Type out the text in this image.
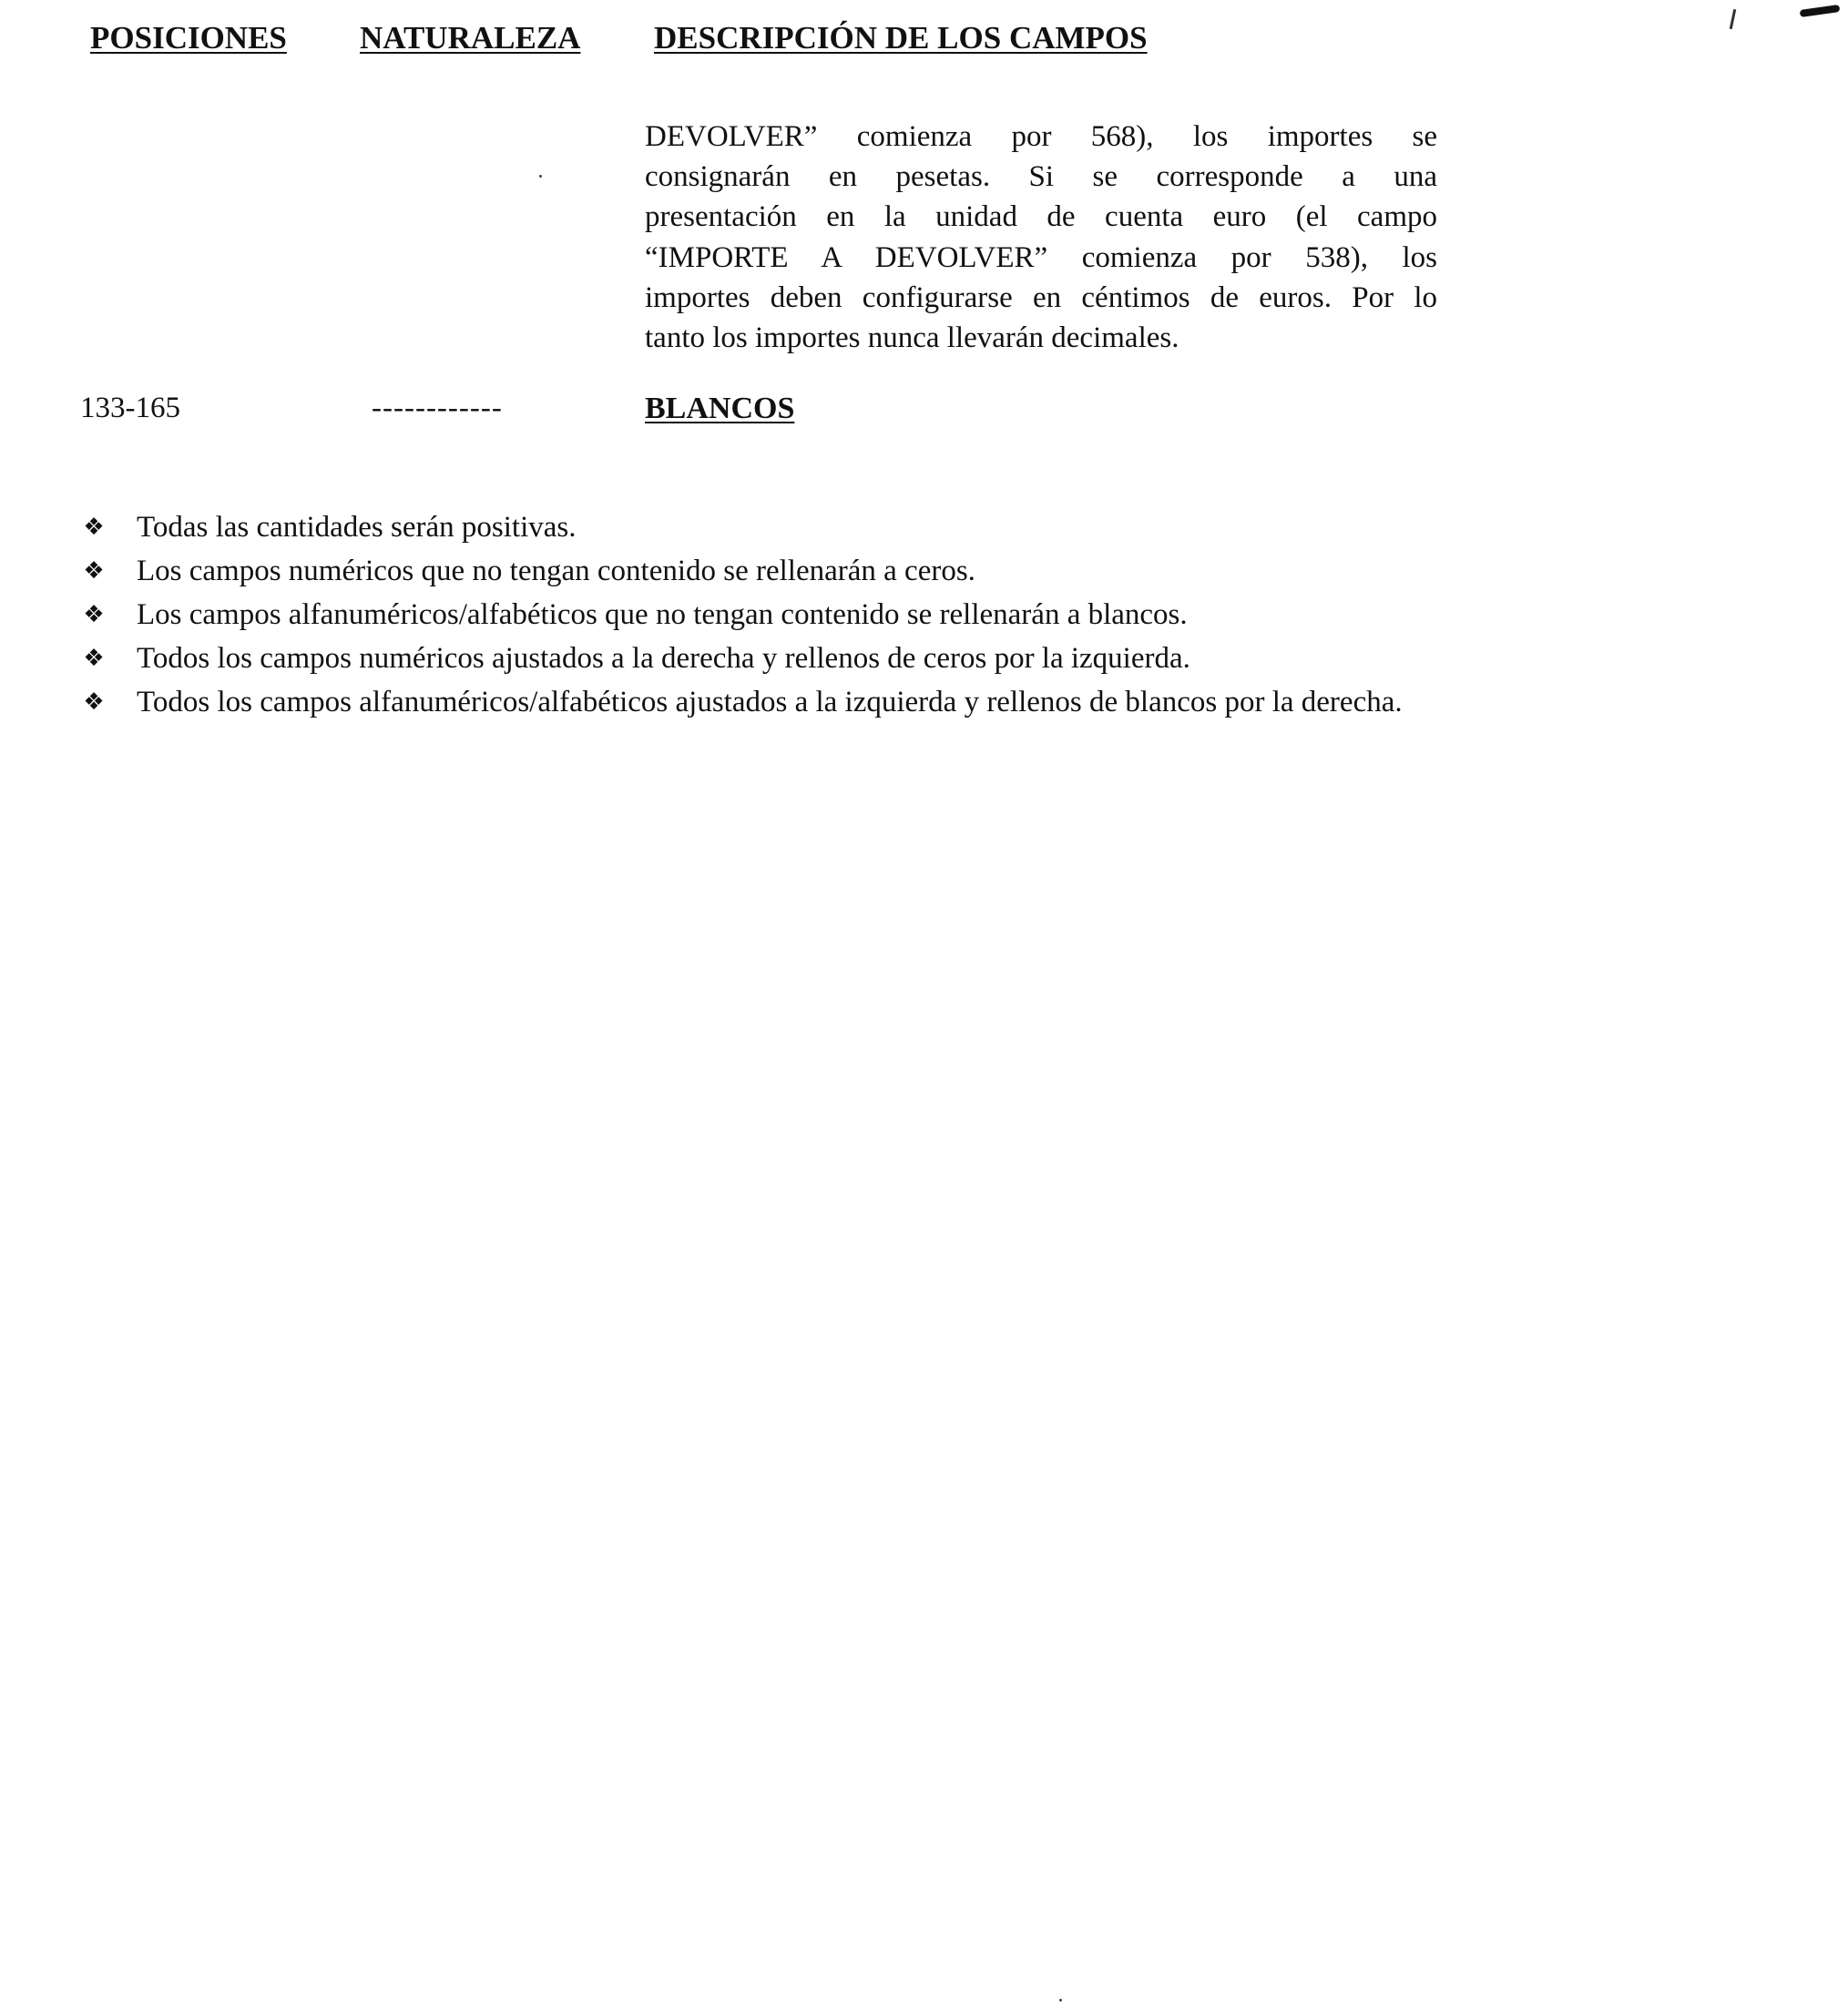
POSICIONES NATURALEZA DESCRIPCIÓN DE LOS CAMPOS

DEVOLVER” comienza por 568), los importes se
consignarán en pesetas. Si se corresponde a una
presentación en la unidad de cuenta euro (el campo
“IMPORTE A DEVOLVER” comienza por 538), los
importes deben configurarse en céntimos de euros. Por lo
tanto los importes nunca llevarán decimales.
133-165	------------	BLANCOS
❖ Todas las cantidades serán positivas.
❖ Los campos numéricos que no tengan contenido se rellenarán a ceros.
❖ Los campos alfanuméricos/alfabéticos que no tengan contenido se rellenarán a blancos.
❖ Todos los campos numéricos ajustados a la derecha y rellenos de ceros por la izquierda.
❖ Todos los campos alfanuméricos/alfabéticos ajustados a la izquierda y rellenos de blancos por la derecha.
